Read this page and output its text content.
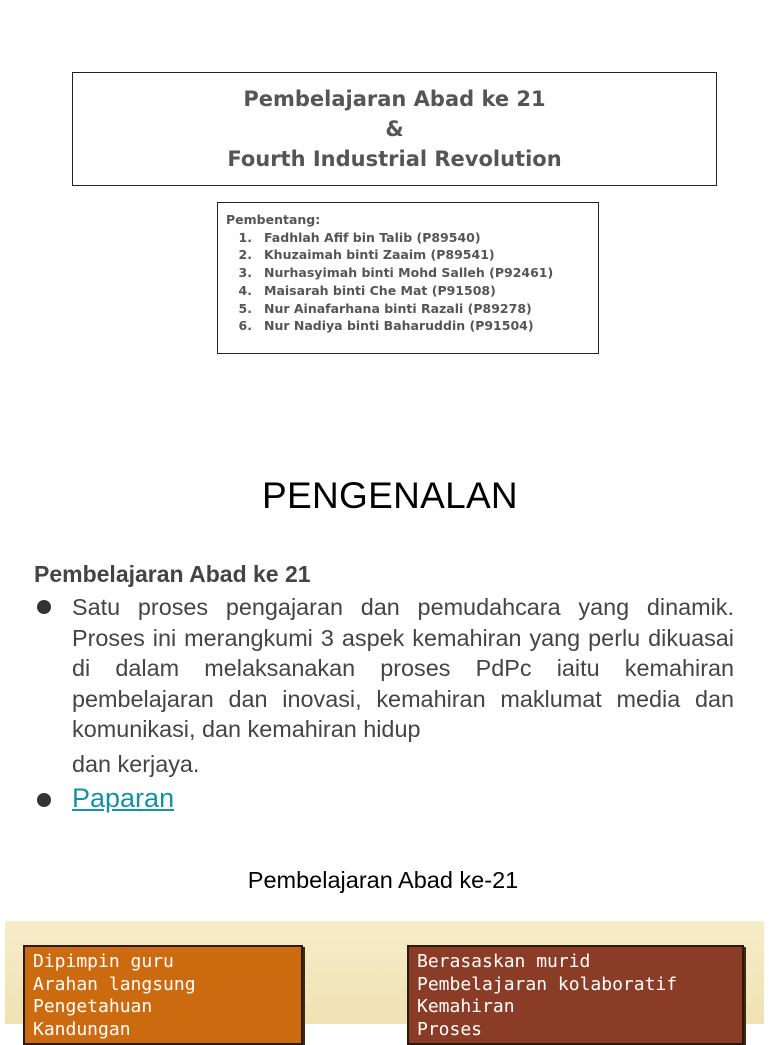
Pembelajaran Abad ke 21
&
Fourth Industrial Revolution
Pembentang:
1. Fadhlah Afif bin Talib (P89540)
2. Khuzaimah binti Zaaim (P89541)
3. Nurhasyimah binti Mohd Salleh (P92461)
4. Maisarah binti Che Mat (P91508)
5. Nur Ainafarhana binti Razali (P89278)
6. Nur Nadiya binti Baharuddin (P91504)
PENGENALAN
Pembelajaran Abad ke 21
Satu proses pengajaran dan pemudahcara yang dinamik. Proses ini merangkumi 3 aspek kemahiran yang perlu dikuasai di dalam melaksanakan proses PdPc iaitu kemahiran pembelajaran dan inovasi, kemahiran maklumat media dan komunikasi, dan kemahiran hidup
dan kerjaya.
Paparan
Pembelajaran Abad ke-21
Dipimpin guru
Arahan langsung
Pengetahuan
Kandungan
Berasaskan murid
Pembelajaran kolaboratif
Kemahiran
Proses
